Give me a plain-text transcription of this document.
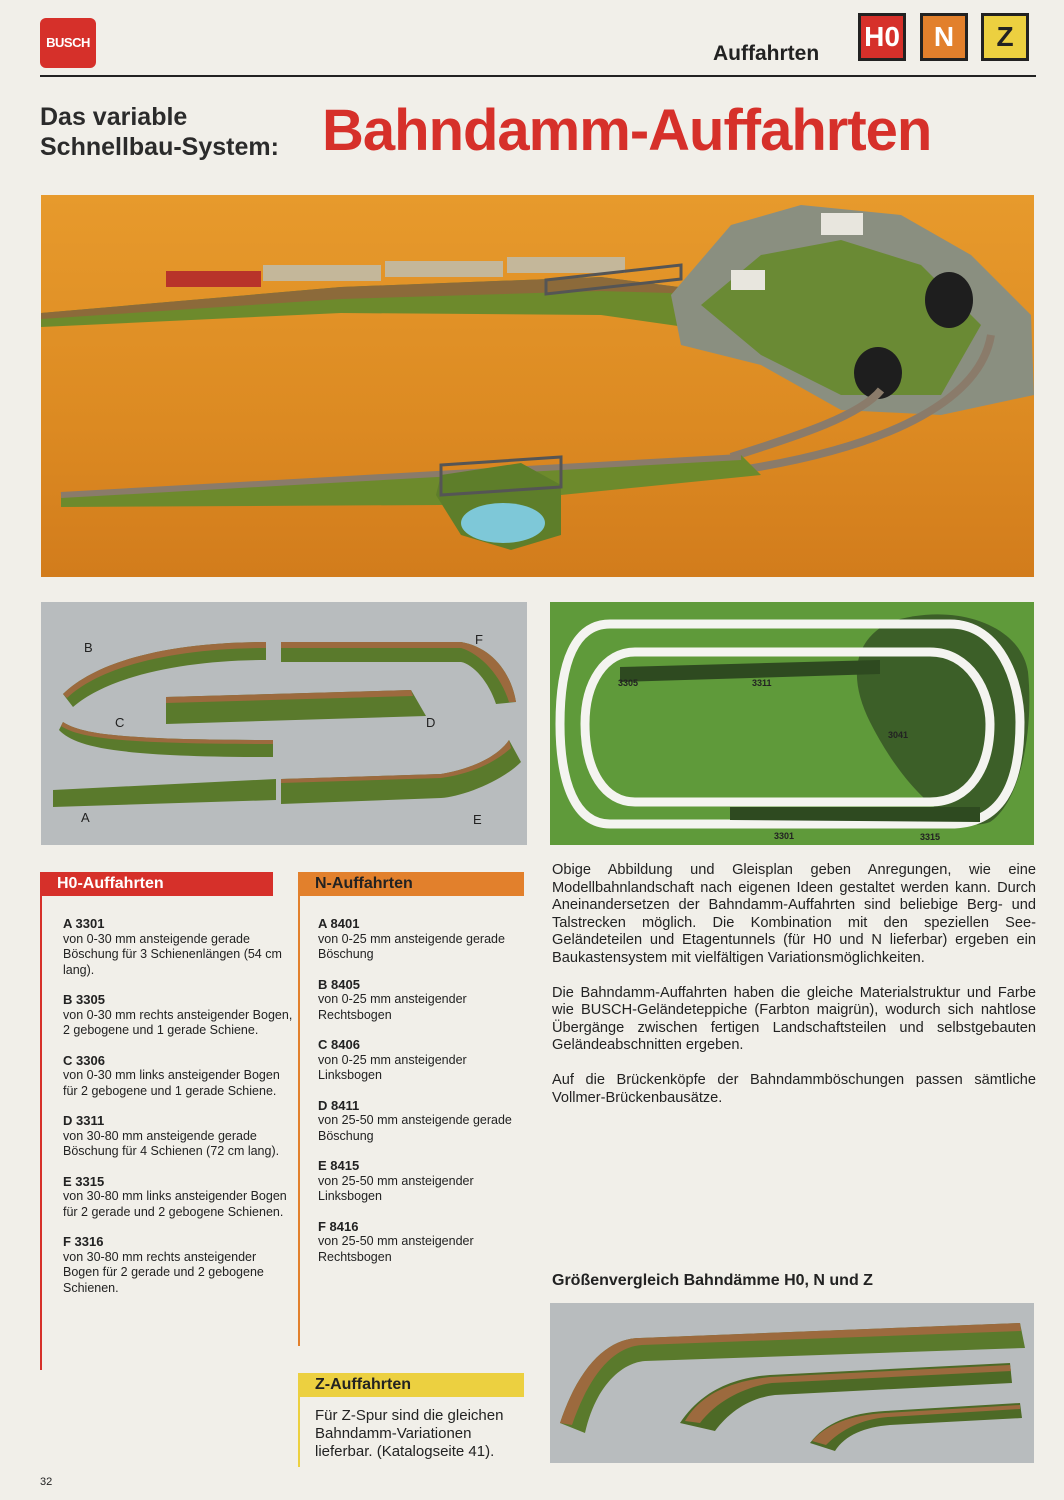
BUSCH	Auffahrten
H0	N	Z
Das variable
Schnellbau-System: Bahndamm-Auffahrten
B
F
C	D
A	E
3305	3311
3041
3301	3315
H0-Auffahrten
A 3301
von 0-30 mm ansteigende gerade Böschung für 3 Schienenlängen (54 cm lang).
B 3305
von 0-30 mm rechts ansteigender Bogen, 2 gebogene und 1 gerade Schiene.
C 3306
von 0-30 mm links ansteigender Bogen für 2 gebogene und 1 gerade Schiene.
D 3311
von 30-80 mm ansteigende gerade Böschung für 4 Schienen (72 cm lang).
E 3315
von 30-80 mm links ansteigender Bogen für 2 gerade und 2 gebogene Schienen.
F 3316
von 30-80 mm rechts ansteigender Bogen für 2 gerade und 2 gebogene Schienen.
N-Auffahrten
A 8401
von 0-25 mm ansteigende gerade Böschung
B 8405
von 0-25 mm ansteigender Rechtsbogen
C 8406
von 0-25 mm ansteigender Linksbogen
D 8411
von 25-50 mm ansteigende gerade Böschung
E 8415
von 25-50 mm ansteigender Linksbogen
F 8416
von 25-50 mm ansteigender Rechtsbogen
Z-Auffahrten
Für Z-Spur sind die gleichen Bahndamm-Variationen lieferbar. (Katalogseite 41).

Obige Abbildung und Gleisplan geben Anregungen, wie eine Modellbahnlandschaft nach eigenen Ideen gestaltet werden kann. Durch Aneinandersetzen der Bahndamm-Auffahrten sind beliebige Berg- und Talstrecken möglich. Die Kombination mit den speziellen See-Geländeteilen und Etagentunnels (für H0 und N lieferbar) ergeben ein Baukastensystem mit vielfältigen Variationsmöglichkeiten.

Die Bahndamm-Auffahrten haben die gleiche Materialstruktur und Farbe wie BUSCH-Geländeteppiche (Farbton maigrün), wodurch sich nahtlose Übergänge zwischen fertigen Landschaftsteilen und selbstgebauten Geländeabschnitten ergeben.

Auf die Brückenköpfe der Bahndammböschungen passen sämtliche Vollmer-Brückenbausätze.

Größenvergleich Bahndämme H0, N und Z
32
